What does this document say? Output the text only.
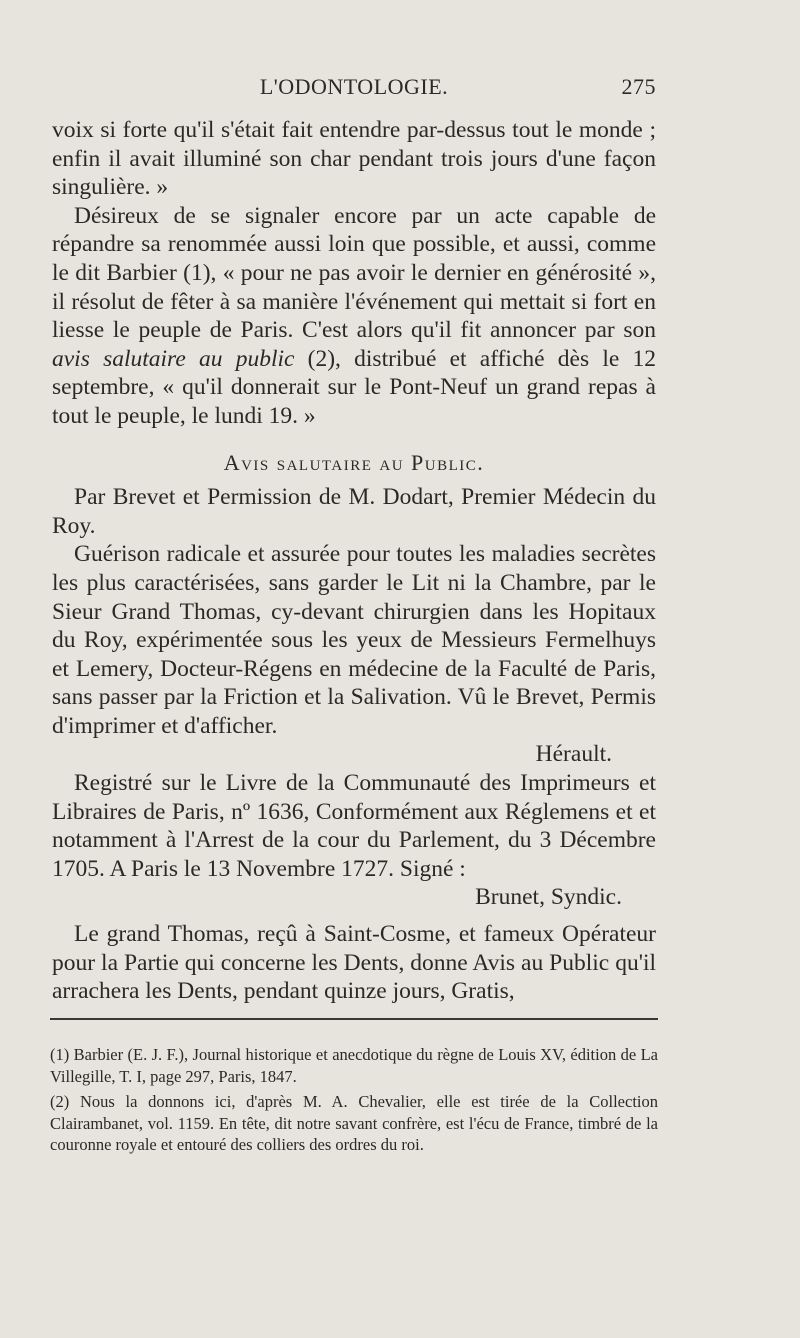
L'ODONTOLOGIE.	275

voix si forte qu'il s'était fait entendre par-dessus tout le monde ; enfin il avait illuminé son char pendant trois jours d'une façon singulière. »

Désireux de se signaler encore par un acte capable de répandre sa renommée aussi loin que possible, et aussi, comme le dit Barbier (1), « pour ne pas avoir le dernier en générosité », il résolut de fêter à sa manière l'événement qui mettait si fort en liesse le peuple de Paris. C'est alors qu'il fit annoncer par son avis salutaire au public (2), distribué et affiché dès le 12 septembre, « qu'il donnerait sur le Pont-Neuf un grand repas à tout le peuple, le lundi 19. »

Avis salutaire au Public.

Par Brevet et Permission de M. Dodart, Premier Médecin du Roy.

Guérison radicale et assurée pour toutes les maladies secrètes les plus caractérisées, sans garder le Lit ni la Chambre, par le Sieur Grand Thomas, cy-devant chirurgien dans les Hopitaux du Roy, expérimentée sous les yeux de Messieurs Fermelhuys et Lemery, Docteur-Régens en médecine de la Faculté de Paris, sans passer par la Friction et la Salivation. Vû le Brevet, Permis d'imprimer et d'afficher.

Hérault.

Registré sur le Livre de la Communauté des Imprimeurs et Libraires de Paris, nº 1636, Conformément aux Réglemens et et notamment à l'Arrest de la cour du Parlement, du 3 Décembre 1705. A Paris le 13 Novembre 1727. Signé :

Brunet, Syndic.

Le grand Thomas, reçû à Saint-Cosme, et fameux Opérateur pour la Partie qui concerne les Dents, donne Avis au Public qu'il arrachera les Dents, pendant quinze jours, Gratis,

(1) Barbier (E. J. F.), Journal historique et anecdotique du règne de Louis XV, édition de La Villegille, T. I, page 297, Paris, 1847.

(2) Nous la donnons ici, d'après M. A. Chevalier, elle est tirée de la Collection Clairambanet, vol. 1159. En tête, dit notre savant confrère, est l'écu de France, timbré de la couronne royale et entouré des colliers des ordres du roi.
